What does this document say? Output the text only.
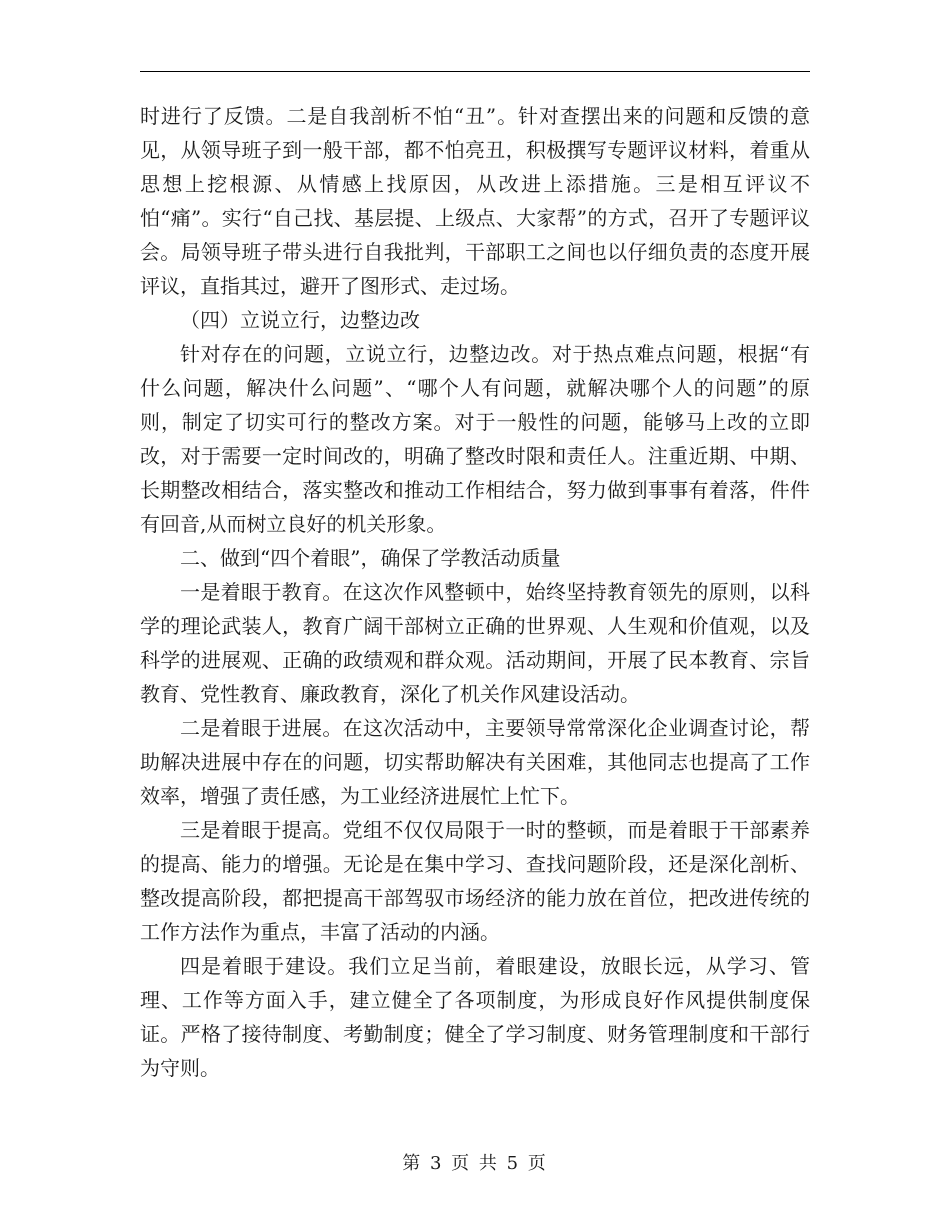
时进行了反馈。二是自我剖析不怕“丑”。针对查摆出来的问题和反馈的意见，从领导班子到一般干部，都不怕亮丑，积极撰写专题评议材料，着重从思想上挖根源、从情感上找原因，从改进上添措施。三是相互评议不怕“痛”。实行“自己找、基层提、上级点、大家帮”的方式，召开了专题评议会。局领导班子带头进行自我批判，干部职工之间也以仔细负责的态度开展评议，直指其过，避开了图形式、走过场。

（四）立说立行，边整边改

针对存在的问题，立说立行，边整边改。对于热点难点问题，根据“有什么问题，解决什么问题”、“哪个人有问题，就解决哪个人的问题”的原则，制定了切实可行的整改方案。对于一般性的问题，能够马上改的立即改，对于需要一定时间改的，明确了整改时限和责任人。注重近期、中期、长期整改相结合，落实整改和推动工作相结合，努力做到事事有着落，件件有回音,从而树立良好的机关形象。

二、做到“四个着眼”，确保了学教活动质量

一是着眼于教育。在这次作风整顿中，始终坚持教育领先的原则，以科学的理论武装人，教育广阔干部树立正确的世界观、人生观和价值观，以及科学的进展观、正确的政绩观和群众观。活动期间，开展了民本教育、宗旨教育、党性教育、廉政教育，深化了机关作风建设活动。

二是着眼于进展。在这次活动中，主要领导常常深化企业调查讨论，帮助解决进展中存在的问题，切实帮助解决有关困难，其他同志也提高了工作效率，增强了责任感，为工业经济进展忙上忙下。

三是着眼于提高。党组不仅仅局限于一时的整顿，而是着眼于干部素养的提高、能力的增强。无论是在集中学习、查找问题阶段，还是深化剖析、整改提高阶段，都把提高干部驾驭市场经济的能力放在首位，把改进传统的工作方法作为重点，丰富了活动的内涵。

四是着眼于建设。我们立足当前，着眼建设，放眼长远，从学习、管理、工作等方面入手，建立健全了各项制度，为形成良好作风提供制度保证。严格了接待制度、考勤制度；健全了学习制度、财务管理制度和干部行为守则。

第 3 页 共 5 页
